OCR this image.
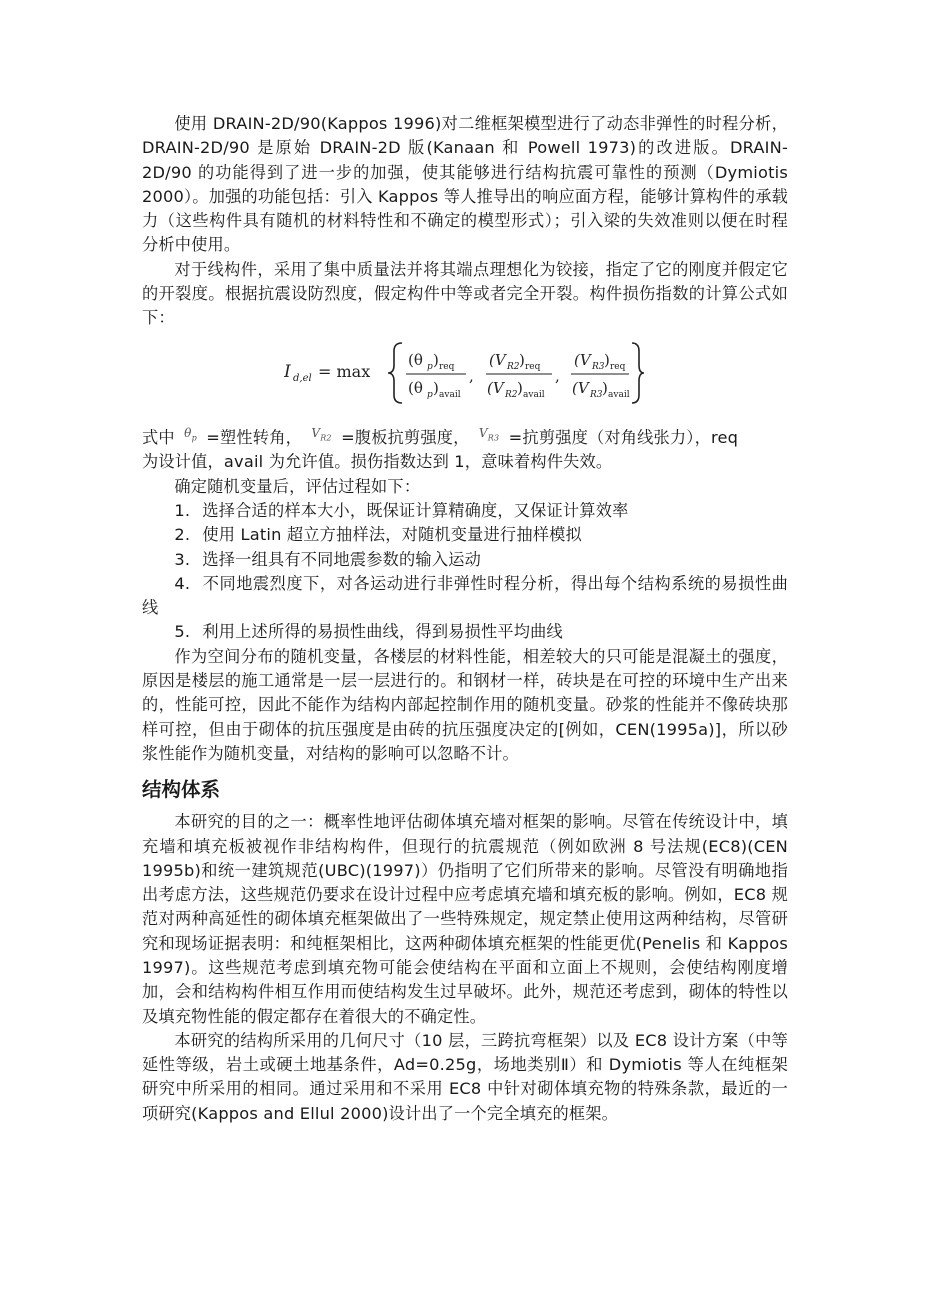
使用 DRAIN-2D/90(Kappos 1996)对二维框架模型进行了动态非弹性的时程分析， DRAIN-2D/90 是原始 DRAIN-2D 版(Kanaan 和 Powell 1973)的改进版。DRAIN-2D/90 的功能得到了进一步的加强，使其能够进行结构抗震可靠性的预测（Dymiotis 2000）。加强的功能包括：引入 Kappos 等人推导出的响应面方程，能够计算构件的承载力（这些构件具有随机的材料特性和不确定的模型形式）；引入梁的失效准则以便在时程分析中使用。

对于线构件，采用了集中质量法并将其端点理想化为铰接，指定了它的刚度并假定它的开裂度。根据抗震设防烈度，假定构件中等或者完全开裂。构件损伤指数的计算公式如下：

I d,el = max
(θ p ) req
(θ p ) avail
,
(V R2 ) req
(V R2 ) avail
,
(V R3 ) req
(V R3 ) avail

式中 $\theta_p$ =塑性转角， $V_{R2}$ =腹板抗剪强度， $V_{R3}$ =抗剪强度（对角线张力），req

为设计值，avail 为允许值。损伤指数达到 1，意味着构件失效。

确定随机变量后，评估过程如下：

1. 选择合适的样本大小，既保证计算精确度，又保证计算效率
2. 使用 Latin 超立方抽样法，对随机变量进行抽样模拟
3. 选择一组具有不同地震参数的输入运动
4. 不同地震烈度下，对各运动进行非弹性时程分析，得出每个结构系统的易损性曲线
5. 利用上述所得的易损性曲线，得到易损性平均曲线

作为空间分布的随机变量，各楼层的材料性能，相差较大的只可能是混凝土的强度，原因是楼层的施工通常是一层一层进行的。和钢材一样，砖块是在可控的环境中生产出来的，性能可控，因此不能作为结构内部起控制作用的随机变量。砂浆的性能并不像砖块那样可控，但由于砌体的抗压强度是由砖的抗压强度决定的[例如，CEN(1995a)]，所以砂浆性能作为随机变量，对结构的影响可以忽略不计。

结构体系

本研究的目的之一：概率性地评估砌体填充墙对框架的影响。尽管在传统设计中，填充墙和填充板被视作非结构构件，但现行的抗震规范（例如欧洲 8 号法规(EC8)(CEN 1995b)和统一建筑规范(UBC)(1997)）仍指明了它们所带来的影响。尽管没有明确地指出考虑方法，这些规范仍要求在设计过程中应考虑填充墙和填充板的影响。例如，EC8 规范对两种高延性的砌体填充框架做出了一些特殊规定，规定禁止使用这两种结构，尽管研究和现场证据表明：和纯框架相比，这两种砌体填充框架的性能更优(Penelis 和 Kappos 1997)。这些规范考虑到填充物可能会使结构在平面和立面上不规则，会使结构刚度增加，会和结构构件相互作用而使结构发生过早破坏。此外，规范还考虑到，砌体的特性以及填充物性能的假定都存在着很大的不确定性。

本研究的结构所采用的几何尺寸（10 层，三跨抗弯框架）以及 EC8 设计方案（中等延性等级，岩土或硬土地基条件，Ad=0.25g，场地类别Ⅱ）和 Dymiotis 等人在纯框架研究中所采用的相同。通过采用和不采用 EC8 中针对砌体填充物的特殊条款，最近的一项研究(Kappos and Ellul 2000)设计出了一个完全填充的框架。
